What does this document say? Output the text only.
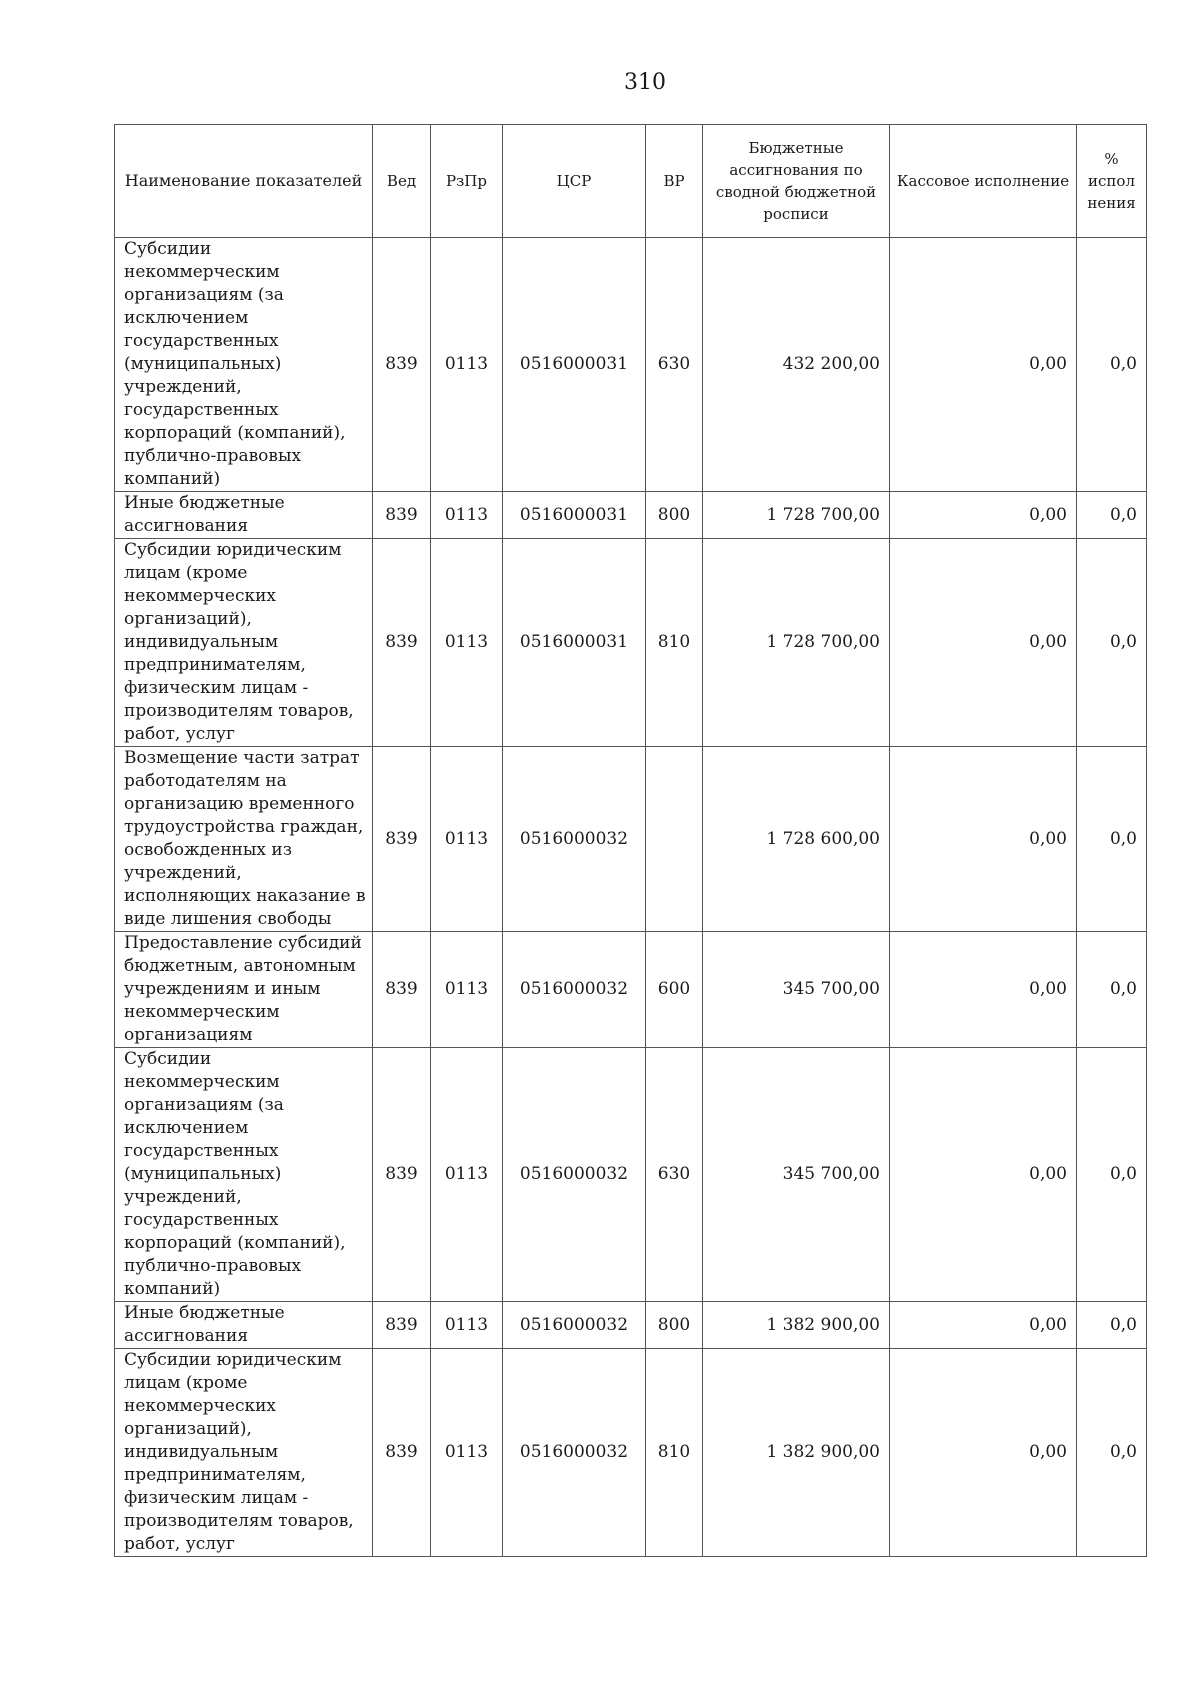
310
Наименование показателей	Вед	РзПр	ЦСР	ВР	Бюджетные ассигнования по сводной бюджетной росписи	Кассовое исполнение	% испол нения
Субсидии некоммерческим организациям (за исключением государственных (муниципальных) учреждений, государственных корпораций (компаний), публично-правовых компаний)	839	0113	0516000031	630	432 200,00	0,00	0,0
Иные бюджетные ассигнования	839	0113	0516000031	800	1 728 700,00	0,00	0,0
Субсидии юридическим лицам (кроме некоммерческих организаций), индивидуальным предпринимателям, физическим лицам - производителям товаров, работ, услуг	839	0113	0516000031	810	1 728 700,00	0,00	0,0
Возмещение части затрат работодателям на организацию временного трудоустройства граждан, освобожденных из учреждений, исполняющих наказание в виде лишения свободы	839	0113	0516000032		1 728 600,00	0,00	0,0
Предоставление субсидий бюджетным, автономным учреждениям и иным некоммерческим организациям	839	0113	0516000032	600	345 700,00	0,00	0,0
Субсидии некоммерческим организациям (за исключением государственных (муниципальных) учреждений, государственных корпораций (компаний), публично-правовых компаний)	839	0113	0516000032	630	345 700,00	0,00	0,0
Иные бюджетные ассигнования	839	0113	0516000032	800	1 382 900,00	0,00	0,0
Субсидии юридическим лицам (кроме некоммерческих организаций), индивидуальным предпринимателям, физическим лицам - производителям товаров, работ, услуг	839	0113	0516000032	810	1 382 900,00	0,00	0,0
